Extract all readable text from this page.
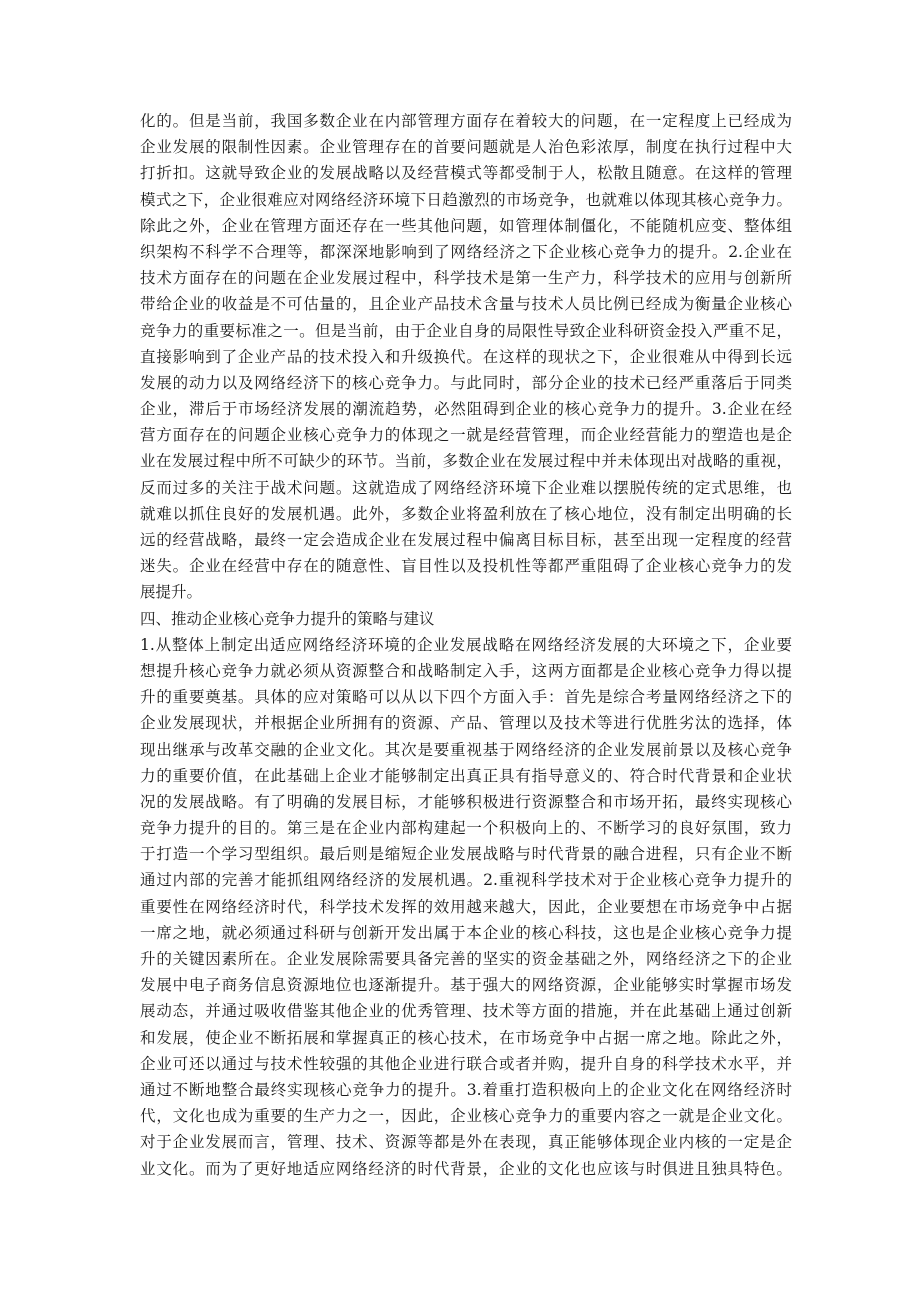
化的。但是当前，我国多数企业在内部管理方面存在着较大的问题，在一定程度上已经成为
企业发展的限制性因素。企业管理存在的首要问题就是人治色彩浓厚，制度在执行过程中大
打折扣。这就导致企业的发展战略以及经营模式等都受制于人，松散且随意。在这样的管理
模式之下，企业很难应对网络经济环境下日趋激烈的市场竞争，也就难以体现其核心竞争力。
除此之外，企业在管理方面还存在一些其他问题，如管理体制僵化，不能随机应变、整体组
织架构不科学不合理等，都深深地影响到了网络经济之下企业核心竞争力的提升。2.企业在
技术方面存在的问题在企业发展过程中，科学技术是第一生产力，科学技术的应用与创新所
带给企业的收益是不可估量的，且企业产品技术含量与技术人员比例已经成为衡量企业核心
竞争力的重要标准之一。但是当前，由于企业自身的局限性导致企业科研资金投入严重不足，
直接影响到了企业产品的技术投入和升级换代。在这样的现状之下，企业很难从中得到长远
发展的动力以及网络经济下的核心竞争力。与此同时，部分企业的技术已经严重落后于同类
企业，滞后于市场经济发展的潮流趋势，必然阻碍到企业的核心竞争力的提升。3.企业在经
营方面存在的问题企业核心竞争力的体现之一就是经营管理，而企业经营能力的塑造也是企
业在发展过程中所不可缺少的环节。当前，多数企业在发展过程中并未体现出对战略的重视，
反而过多的关注于战术问题。这就造成了网络经济环境下企业难以摆脱传统的定式思维，也
就难以抓住良好的发展机遇。此外，多数企业将盈利放在了核心地位，没有制定出明确的长
远的经营战略，最终一定会造成企业在发展过程中偏离目标目标，甚至出现一定程度的经营
迷失。企业在经营中存在的随意性、盲目性以及投机性等都严重阻碍了企业核心竞争力的发
展提升。
四、推动企业核心竞争力提升的策略与建议
1.从整体上制定出适应网络经济环境的企业发展战略在网络经济发展的大环境之下，企业要
想提升核心竞争力就必须从资源整合和战略制定入手，这两方面都是企业核心竞争力得以提
升的重要奠基。具体的应对策略可以从以下四个方面入手：首先是综合考量网络经济之下的
企业发展现状，并根据企业所拥有的资源、产品、管理以及技术等进行优胜劣汰的选择，体
现出继承与改革交融的企业文化。其次是要重视基于网络经济的企业发展前景以及核心竞争
力的重要价值，在此基础上企业才能够制定出真正具有指导意义的、符合时代背景和企业状
况的发展战略。有了明确的发展目标，才能够积极进行资源整合和市场开拓，最终实现核心
竞争力提升的目的。第三是在企业内部构建起一个积极向上的、不断学习的良好氛围，致力
于打造一个学习型组织。最后则是缩短企业发展战略与时代背景的融合进程，只有企业不断
通过内部的完善才能抓组网络经济的发展机遇。2.重视科学技术对于企业核心竞争力提升的
重要性在网络经济时代，科学技术发挥的效用越来越大，因此，企业要想在市场竞争中占据
一席之地，就必须通过科研与创新开发出属于本企业的核心科技，这也是企业核心竞争力提
升的关键因素所在。企业发展除需要具备完善的坚实的资金基础之外，网络经济之下的企业
发展中电子商务信息资源地位也逐渐提升。基于强大的网络资源，企业能够实时掌握市场发
展动态，并通过吸收借鉴其他企业的优秀管理、技术等方面的措施，并在此基础上通过创新
和发展，使企业不断拓展和掌握真正的核心技术，在市场竞争中占据一席之地。除此之外，
企业可还以通过与技术性较强的其他企业进行联合或者并购，提升自身的科学技术水平，并
通过不断地整合最终实现核心竞争力的提升。3.着重打造积极向上的企业文化在网络经济时
代，文化也成为重要的生产力之一，因此，企业核心竞争力的重要内容之一就是企业文化。
对于企业发展而言，管理、技术、资源等都是外在表现，真正能够体现企业内核的一定是企
业文化。而为了更好地适应网络经济的时代背景，企业的文化也应该与时俱进且独具特色。
